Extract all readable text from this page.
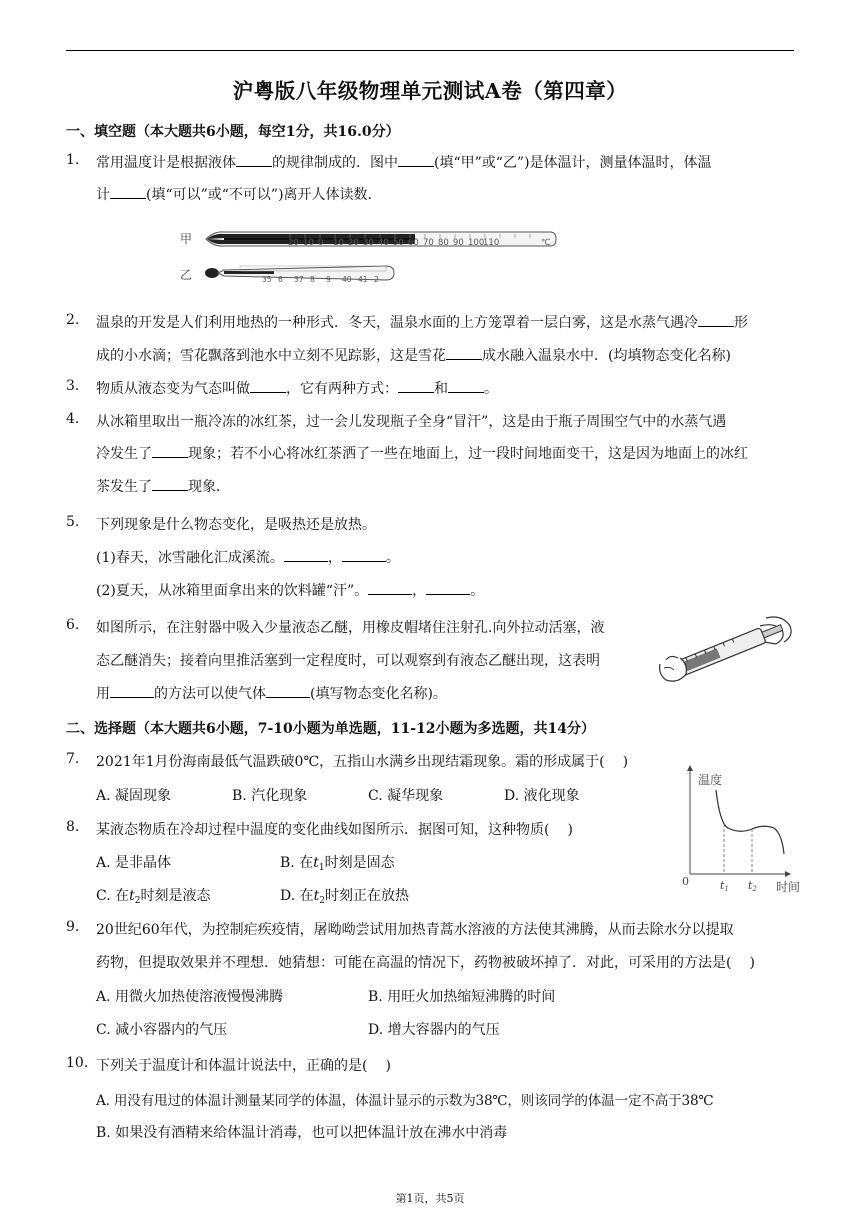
沪粤版八年级物理单元测试A卷（第四章）
一、填空题（本大题共6小题，每空1分，共16.0分）
1. 常用温度计是根据液体	的规律制成的．图中	(填“甲”或“乙”)是体温计，测量体温时，体温
计	(填“可以”或“不可以”)离开人体读数．
甲
乙
20 10 0 10 20 30 40 50 60 70 80 90 100
110	℃
35 6 37 8 9 40 41 2
2. 温泉的开发是人们利用地热的一种形式．冬天，温泉水面的上方笼罩着一层白雾，这是水蒸气遇冷	形
成的小水滴；雪花飘落到池水中立刻不见踪影，这是雪花	成水融入温泉水中．(均填物态变化名称)
3. 物质从液态变为气态叫做	，它有两种方式：	和	。
4. 从冰箱里取出一瓶冷冻的冰红茶，过一会儿发现瓶子全身“冒汗”，这是由于瓶子周围空气中的水蒸气遇
冷发生了	现象；若不小心将冰红茶洒了一些在地面上，过一段时间地面变干，这是因为地面上的冰红
茶发生了	现象．
5. 下列现象是什么物态变化，是吸热还是放热。
(1)春天，冰雪融化汇成溪流。	，	。
(2)夏天，从冰箱里面拿出来的饮料罐“汗”。	，	。
6. 如图所示，在注射器中吸入少量液态乙醚，用橡皮帽堵住注射孔.向外拉动活塞，液
态乙醚消失；接着向里推活塞到一定程度时，可以观察到有液态乙醚出现，这表明
用	的方法可以使气体	(填写物态变化名称)。
二、选择题（本大题共6小题，7-10小题为单选题，11-12小题为多选题，共14分）
7. 2021年1月份海南最低气温跌破0℃，五指山水满乡出现结霜现象。霜的形成属于( )
A. 凝固现象	B. 汽化现象	C. 凝华现象	D. 液化现象
8. 某液态物质在冷却过程中温度的变化曲线如图所示．据图可知，这种物质( )
A. 是非晶体	B. 在$t_1$时刻是固态
C. 在$t_2$时刻是液态	D. 在$t_2$时刻正在放热
温度
时间
0	t1 t2
9. 20世纪60年代，为控制疟疾疫情，屠呦呦尝试用加热青蒿水溶液的方法使其沸腾，从而去除水分以提取
药物，但提取效果并不理想．她猜想：可能在高温的情况下，药物被破坏掉了．对此，可采用的方法是( )
A. 用微火加热使溶液慢慢沸腾	B. 用旺火加热缩短沸腾的时间
C. 减小容器内的气压	D. 增大容器内的气压
10. 下列关于温度计和体温计说法中，正确的是( )
A. 用没有甩过的体温计测量某同学的体温，体温计显示的示数为38℃，则该同学的体温一定不高于38℃
B. 如果没有酒精来给体温计消毒，也可以把体温计放在沸水中消毒
第1页，共5页
